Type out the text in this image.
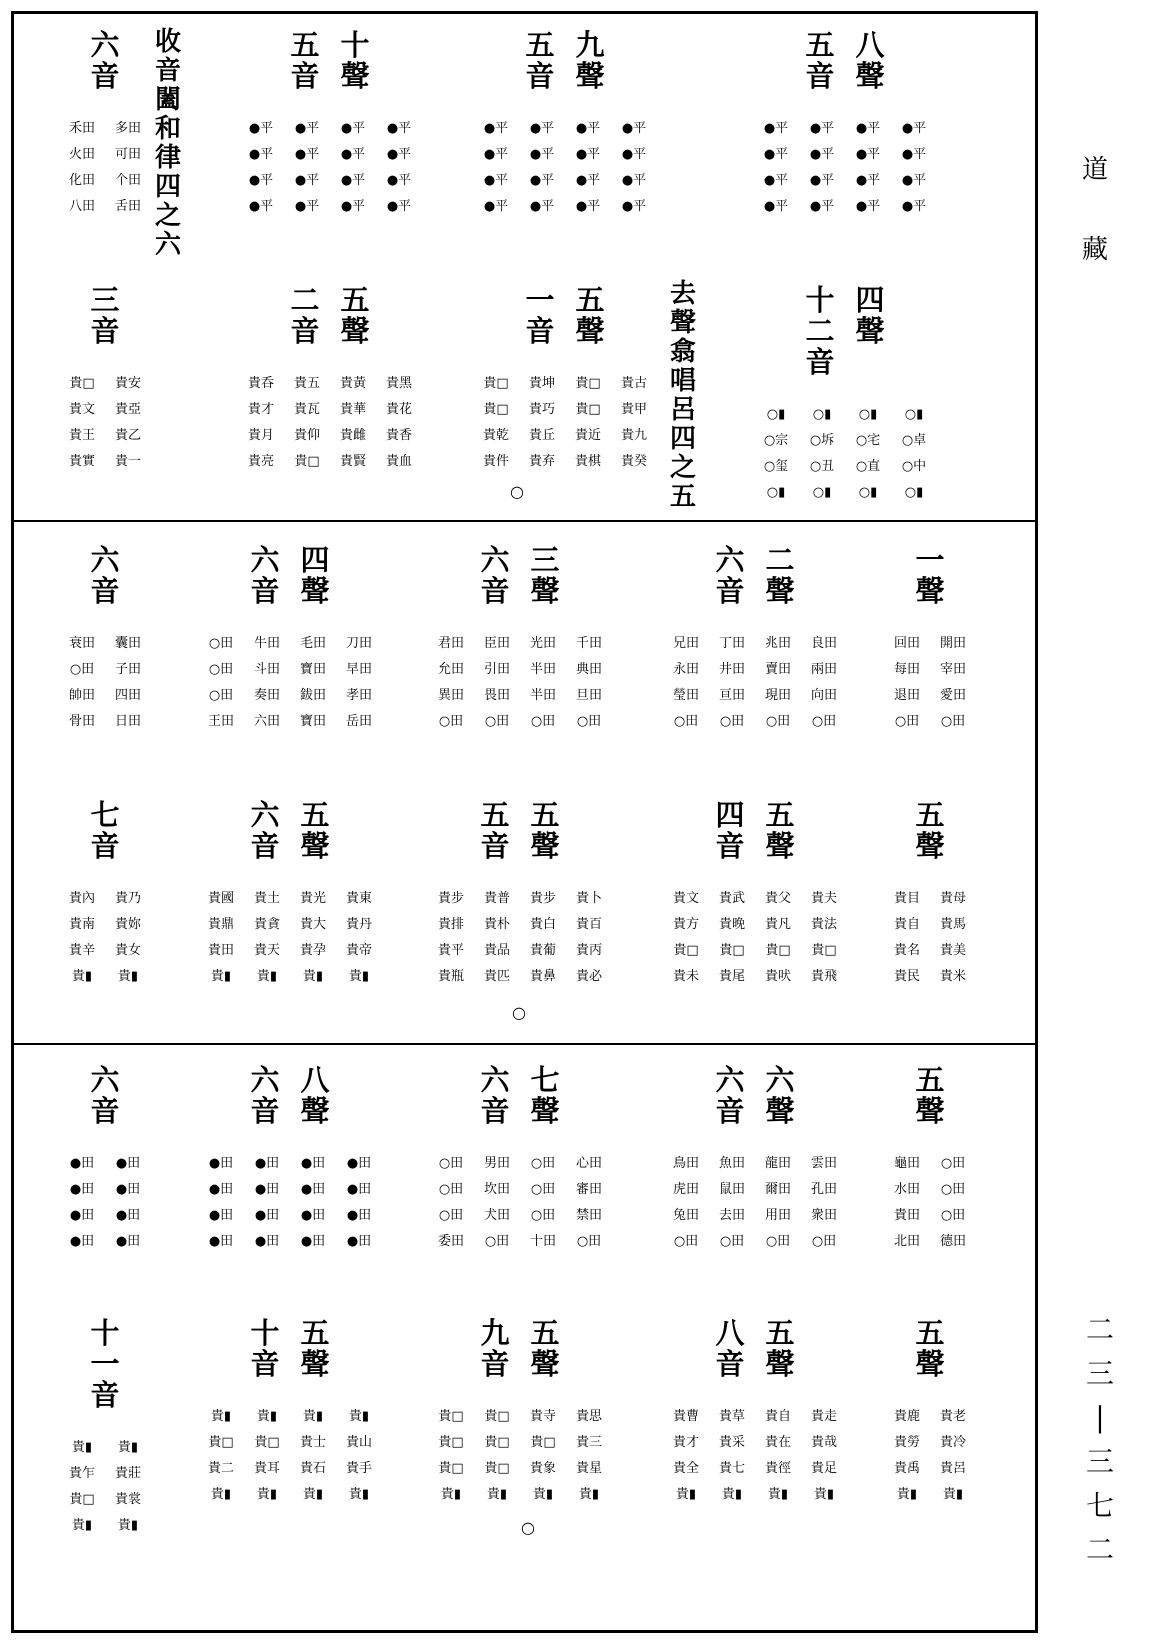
道
藏
二
三
|
三
七
二
收
音
闔
和
律
四
之
六
六
音
禾田	多田
火田	可田
化田	个田
八田	舌田
五
音
十
聲
●平	●平	●平	●平
●平	●平	●平	●平
●平	●平	●平	●平
●平	●平	●平	●平
五
音
九
聲
●平	●平	●平	●平
●平	●平	●平	●平
●平	●平	●平	●平
●平	●平	●平	●平
五
音
八
聲
●平	●平	●平	●平
●平	●平	●平	●平
●平	●平	●平	●平
●平	●平	●平	●平
去
聲
翕
唱
呂
四
之
五
三
音
貴□	貴安
貴文	貴亞
貴王	貴乙
貴實	貴一
二
音
五
聲
貴呑	貴五	貴黃	貴黑
貴才	貴瓦	貴華	貴花
貴月	貴仰	貴雌	貴香
貴亮	貴□	貴賢	貴血
一
音
五
聲
貴□	貴坤	貴□	貴古
貴□	貴巧	貴□	貴甲
貴乾	貴丘	貴近	貴九
貴件	貴弃	貴棋	貴癸
十
二
音
四
聲
○▮	○▮	○▮	○▮
○宗	○坼	○宅	○卓
○玺	○丑	○直	○中
○▮	○▮	○▮	○▮
○
六
音
衰田	囊田
○田	子田
帥田	四田
骨田	日田
六
音
四
聲
○田	牛田	毛田	刀田
○田	斗田	寶田	早田
○田	奏田	鈸田	孝田
王田	六田	寶田	岳田
六
音
三
聲
君田	臣田	光田	千田
允田	引田	半田	典田
異田	畏田	半田	旦田
○田	○田	○田	○田
六
音
二
聲
兄田	丁田	兆田	良田
永田	井田	賣田	兩田
瑩田	亘田	現田	向田
○田	○田	○田	○田
一
聲
回田	開田
每田	宰田
退田	愛田
○田	○田
七
音
貴內	貴乃
貴南	貴妳
貴辛	貴女
貴▮	貴▮
六
音
五
聲
貴國	貴土	貴光	貴東
貴鼎	貴貪	貴大	貴丹
貴田	貴天	貴孕	貴帝
貴▮	貴▮	貴▮	貴▮
五
音
五
聲
貴步	貴普	貴步	貴卜
貴排	貴朴	貴白	貴百
貴平	貴品	貴葡	貴丙
貴瓶	貴匹	貴鼻	貴必
四
音
五
聲
貴文	貴武	貴父	貴夫
貴方	貴晚	貴凡	貴法
貴□	貴□	貴□	貴□
貴未	貴尾	貴吠	貴飛
五
聲
貴目	貴母
貴自	貴馬
貴名	貴美
貴民	貴米
○
六
音
●田	●田
●田	●田
●田	●田
●田	●田
六
音
八
聲
●田	●田	●田	●田
●田	●田	●田	●田
●田	●田	●田	●田
●田	●田	●田	●田
六
音
七
聲
○田	男田	○田	心田
○田	坎田	○田	審田
○田	犬田	○田	禁田
委田	○田	十田	○田
六
音
六
聲
鳥田	魚田	龍田	雲田
虎田	鼠田	爾田	孔田
兔田	去田	用田	衆田
○田	○田	○田	○田
五
聲
龜田	○田
水田	○田
貴田	○田
北田	德田
十
一
音
貴▮	貴▮
貴乍	貴莊
貴□	貴裳
貴▮	貴▮
十
音
五
聲
貴▮	貴▮	貴▮	貴▮
貴□	貴□	貴士	貴山
貴二	貴耳	貴石	貴手
貴▮	貴▮	貴▮	貴▮
九
音
五
聲
貴□	貴□	貴寺	貴思
貴□	貴□	貴□	貴三
貴□	貴□	貴象	貴星
貴▮	貴▮	貴▮	貴▮
八
音
五
聲
貴曹	貴草	貴自	貴走
貴才	貴采	貴在	貴哉
貴全	貴七	貴徑	貴足
貴▮	貴▮	貴▮	貴▮
五
聲
貴鹿	貴老
貴勞	貴冷
貴禹	貴呂
貴▮	貴▮
○
